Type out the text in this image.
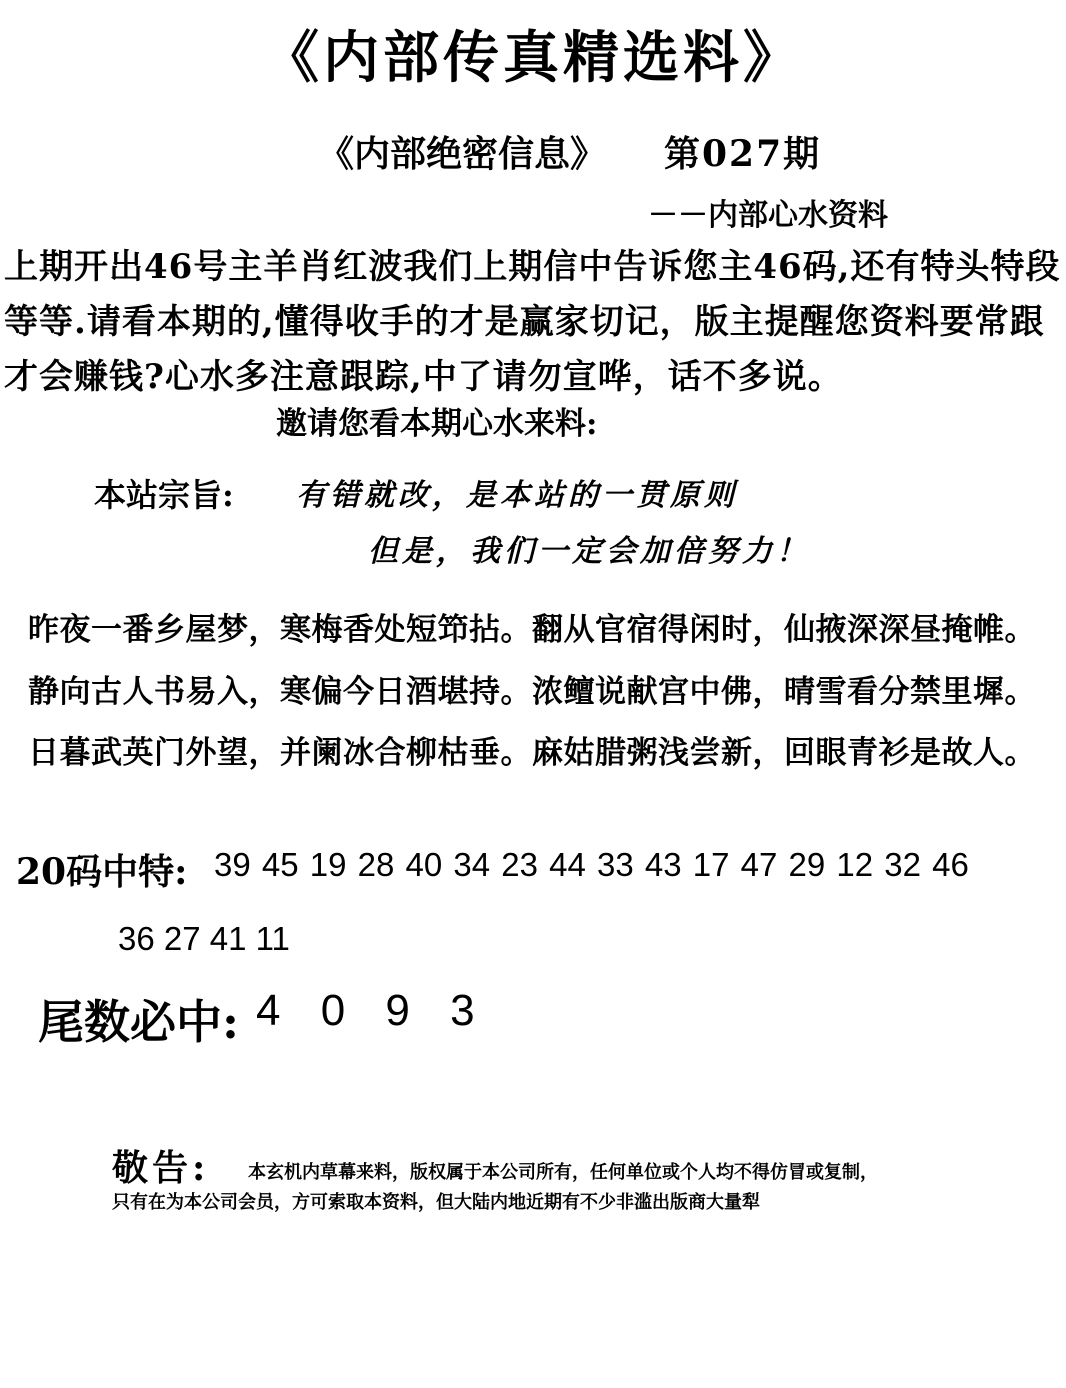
《内部传真精选料》
《内部绝密信息》 第027期
－－内部心水资料
上期开出46号主羊肖红波我们上期信中告诉您主46码,还有特头特段等等.请看本期的,懂得收手的才是赢家切记，版主提醒您资料要常跟才会赚钱?心水多注意跟踪,中了请勿宣哗，话不多说。
邀请您看本期心水来料:
本站宗旨: 有错就改，是本站的一贯原则
但是，我们一定会加倍努力！
昨夜一番乡屋梦，寒梅香处短笻拈。翻从官宿得闲时，仙掖深深昼掩帷。
静向古人书易入，寒偏今日酒堪持。浓鳣说献宫中佛，晴雪看分禁里墀。
日暮武英门外望，并阑冰合柳枯垂。麻姑腊粥浅尝新，回眼青衫是故人。
20码中特: 39 45 19 28 40 34 23 44 33 43 17 47 29 12 32 46
36 27 41 11
尾数必中: 4 0 9 3
敬告: 本玄机内草幕来料，版权属于本公司所有，任何单位或个人均不得仿冒或复制，
只有在为本公司会员，方可索取本资料，但大陆内地近期有不少非滥出版商大量犁
